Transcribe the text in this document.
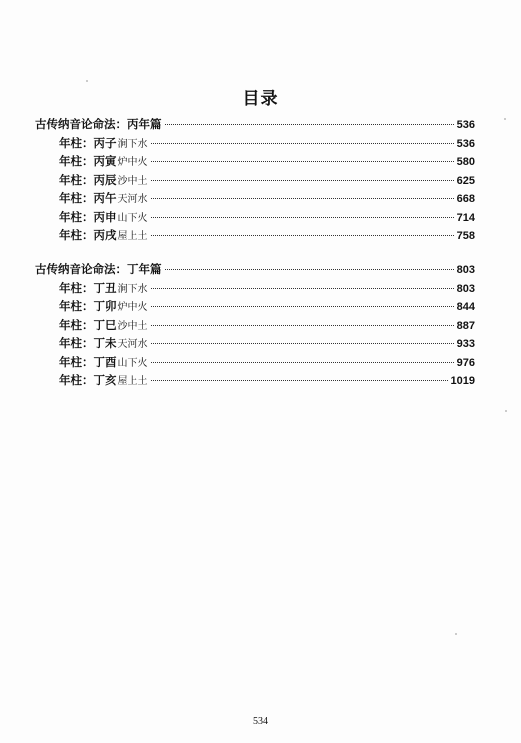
目录
古传纳音论命法：丙年篇	536
年柱： 丙子 涧下水	536
年柱： 丙寅 炉中火	580
年柱： 丙辰 沙中土	625
年柱： 丙午 天河水	668
年柱： 丙申 山下火	714
年柱： 丙戌 屋上土	758
古传纳音论命法：丁年篇	803
年柱： 丁丑 涧下水	803
年柱： 丁卯 炉中火	844
年柱： 丁巳 沙中土	887
年柱： 丁未 天河水	933
年柱： 丁酉 山下火	976
年柱： 丁亥 屋上土	1019
534
